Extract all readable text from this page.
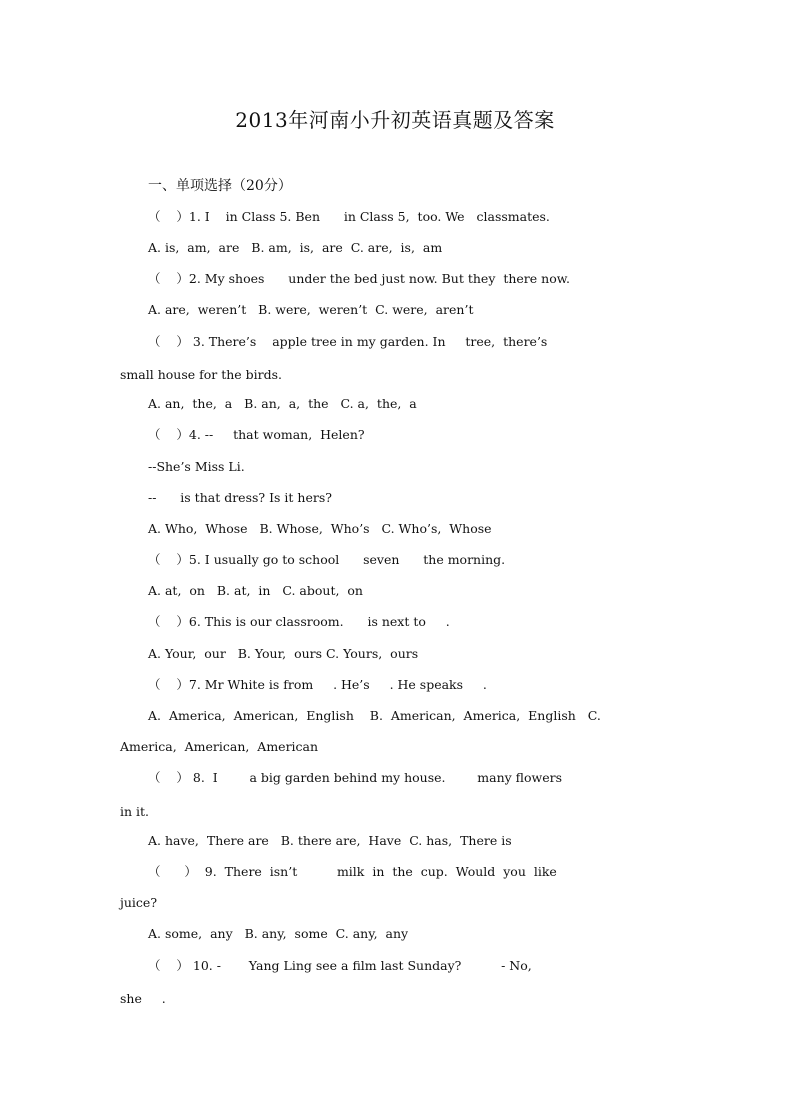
2013年河南小升初英语真题及答案
一、单项选择（20分）

（    ）1. I    in Class 5. Ben      in Class 5,  too. We   classmates.

A. is,  am,  are   B. am,  is,  are  C. are,  is,  am

（    ）2. My shoes      under the bed just now. But they  there now.

A. are,  weren’t   B. were,  weren’t  C. were,  aren’t

（    ） 3. There’s    apple tree in my garden. In     tree,  there’s

small house for the birds.

A. an,  the,  a   B. an,  a,  the   C. a,  the,  a

（    ）4. --     that woman,  Helen?

--She’s Miss Li.

--      is that dress? Is it hers?

A. Who,  Whose   B. Whose,  Who’s   C. Who’s,  Whose

（    ）5. I usually go to school      seven      the morning.

A. at,  on   B. at,  in   C. about,  on

（    ）6. This is our classroom.      is next to     .

A. Your,  our   B. Your,  ours C. Yours,  ours

（    ）7. Mr White is from     . He’s     . He speaks     .

A.  America,  American,  English    B.  American,  America,  English   C.

America,  American,  American

（    ） 8.  I        a big garden behind my house.        many flowers

in it.

A. have,  There are   B. there are,  Have  C. has,  There is

（      ）  9.  There  isn’t          milk  in  the  cup.  Would  you  like

juice?

A. some,  any   B. any,  some  C. any,  any

（    ） 10. -       Yang Ling see a film last Sunday?          - No,

she     .
